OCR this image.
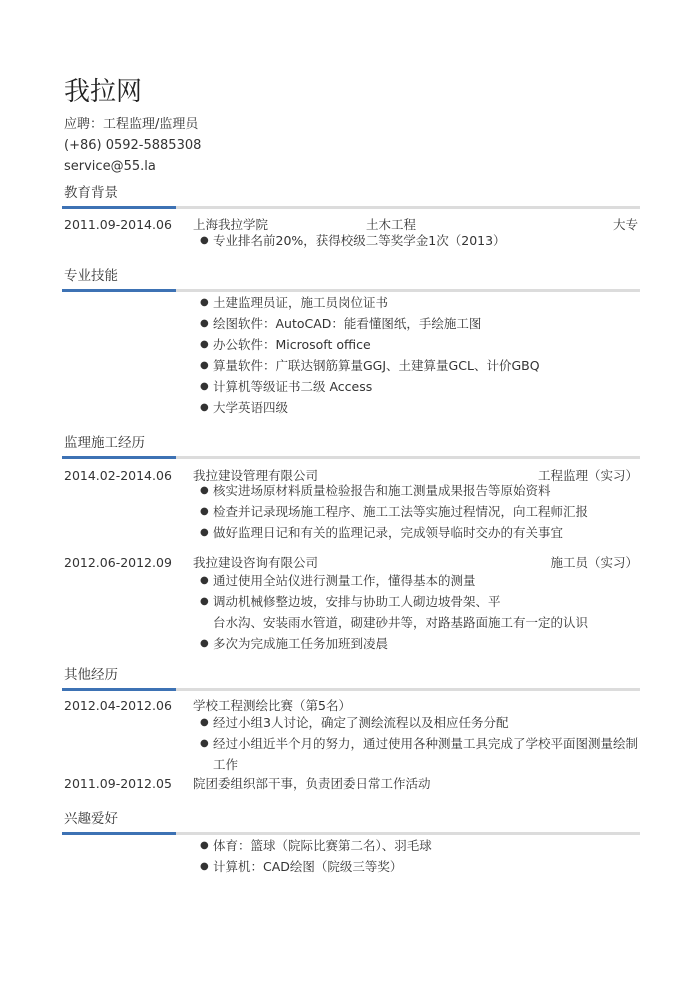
我拉网
应聘：工程监理/监理员
(+86) 0592-5885308
service@55.la
教育背景
2011.09-2014.06 上海我拉学院	土木工程	大专
● 专业排名前20%，获得校级二等奖学金1次（2013）
专业技能
● 土建监理员证，施工员岗位证书
● 绘图软件：AutoCAD：能看懂图纸，手绘施工图
● 办公软件：Microsoft office
● 算量软件：广联达钢筋算量GGJ、土建算量GCL、计价GBQ
● 计算机等级证书二级 Access
● 大学英语四级
监理施工经历
2014.02-2014.06 我拉建设管理有限公司	工程监理（实习）
● 核实进场原材料质量检验报告和施工测量成果报告等原始资料
● 检查并记录现场施工程序、施工工法等实施过程情况，向工程师汇报
● 做好监理日记和有关的监理记录，完成领导临时交办的有关事宜
2012.06-2012.09 我拉建设咨询有限公司	施工员（实习）
● 通过使用全站仪进行测量工作，懂得基本的测量
● 调动机械修整边坡，安排与协助工人砌边坡骨架、平
台水沟、安装雨水管道，砌建砂井等，对路基路面施工有一定的认识
● 多次为完成施工任务加班到凌晨
其他经历
2012.04-2012.06 学校工程测绘比赛（第5名）
● 经过小组3人讨论，确定了测绘流程以及相应任务分配
● 经过小组近半个月的努力，通过使用各种测量工具完成了学校平面图测量绘制
工作
2011.09-2012.05 院团委组织部干事，负责团委日常工作活动
兴趣爱好
● 体育：篮球（院际比赛第二名）、羽毛球
● 计算机：CAD绘图（院级三等奖）
